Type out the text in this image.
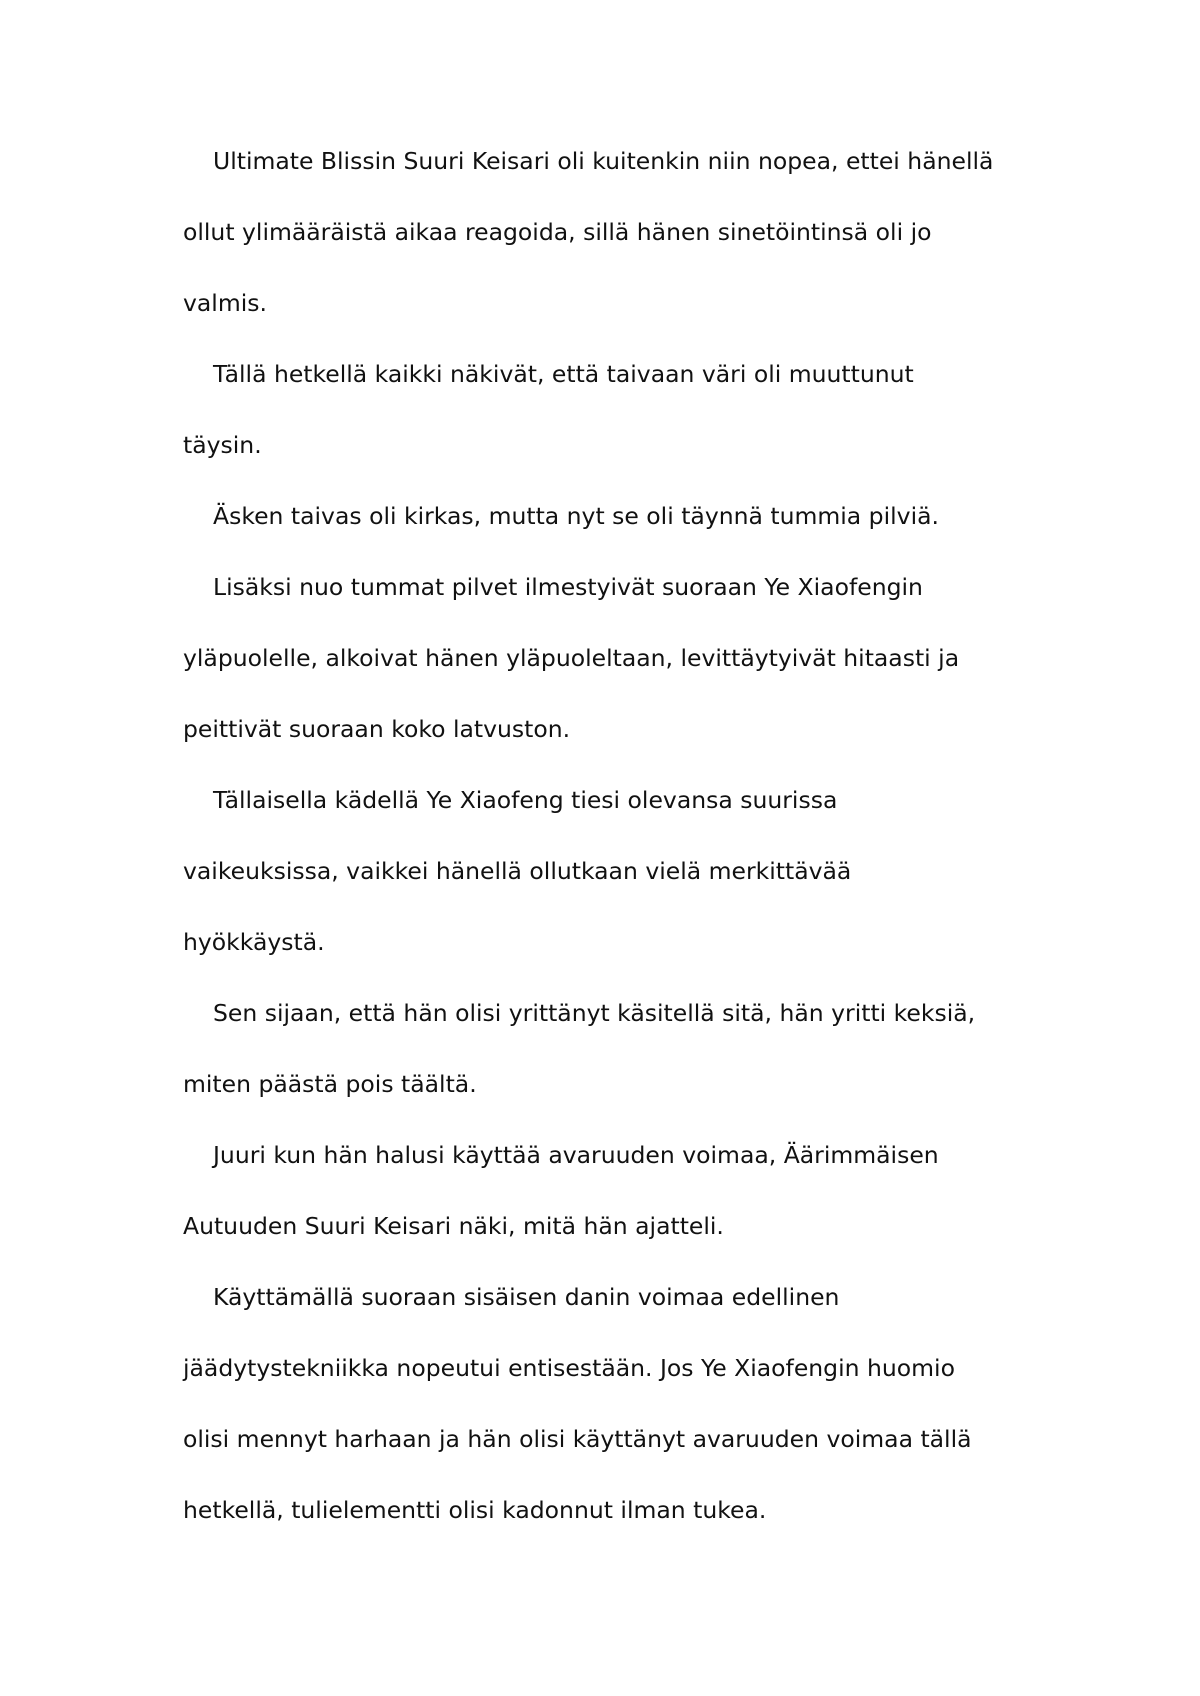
Ultimate Blissin Suuri Keisari oli kuitenkin niin nopea, ettei hänellä
ollut ylimääräistä aikaa reagoida, sillä hänen sinetöintinsä oli jo
valmis.

Tällä hetkellä kaikki näkivät, että taivaan väri oli muuttunut
täysin.

Äsken taivas oli kirkas, mutta nyt se oli täynnä tummia pilviä.

Lisäksi nuo tummat pilvet ilmestyivät suoraan Ye Xiaofengin
yläpuolelle, alkoivat hänen yläpuoleltaan, levittäytyivät hitaasti ja
peittivät suoraan koko latvuston.

Tällaisella kädellä Ye Xiaofeng tiesi olevansa suurissa
vaikeuksissa, vaikkei hänellä ollutkaan vielä merkittävää
hyökkäystä.

Sen sijaan, että hän olisi yrittänyt käsitellä sitä, hän yritti keksiä,
miten päästä pois täältä.

Juuri kun hän halusi käyttää avaruuden voimaa, Äärimmäisen
Autuuden Suuri Keisari näki, mitä hän ajatteli.

Käyttämällä suoraan sisäisen danin voimaa edellinen
jäädytystekniikka nopeutui entisestään. Jos Ye Xiaofengin huomio
olisi mennyt harhaan ja hän olisi käyttänyt avaruuden voimaa tällä
hetkellä, tulielementti olisi kadonnut ilman tukea.
